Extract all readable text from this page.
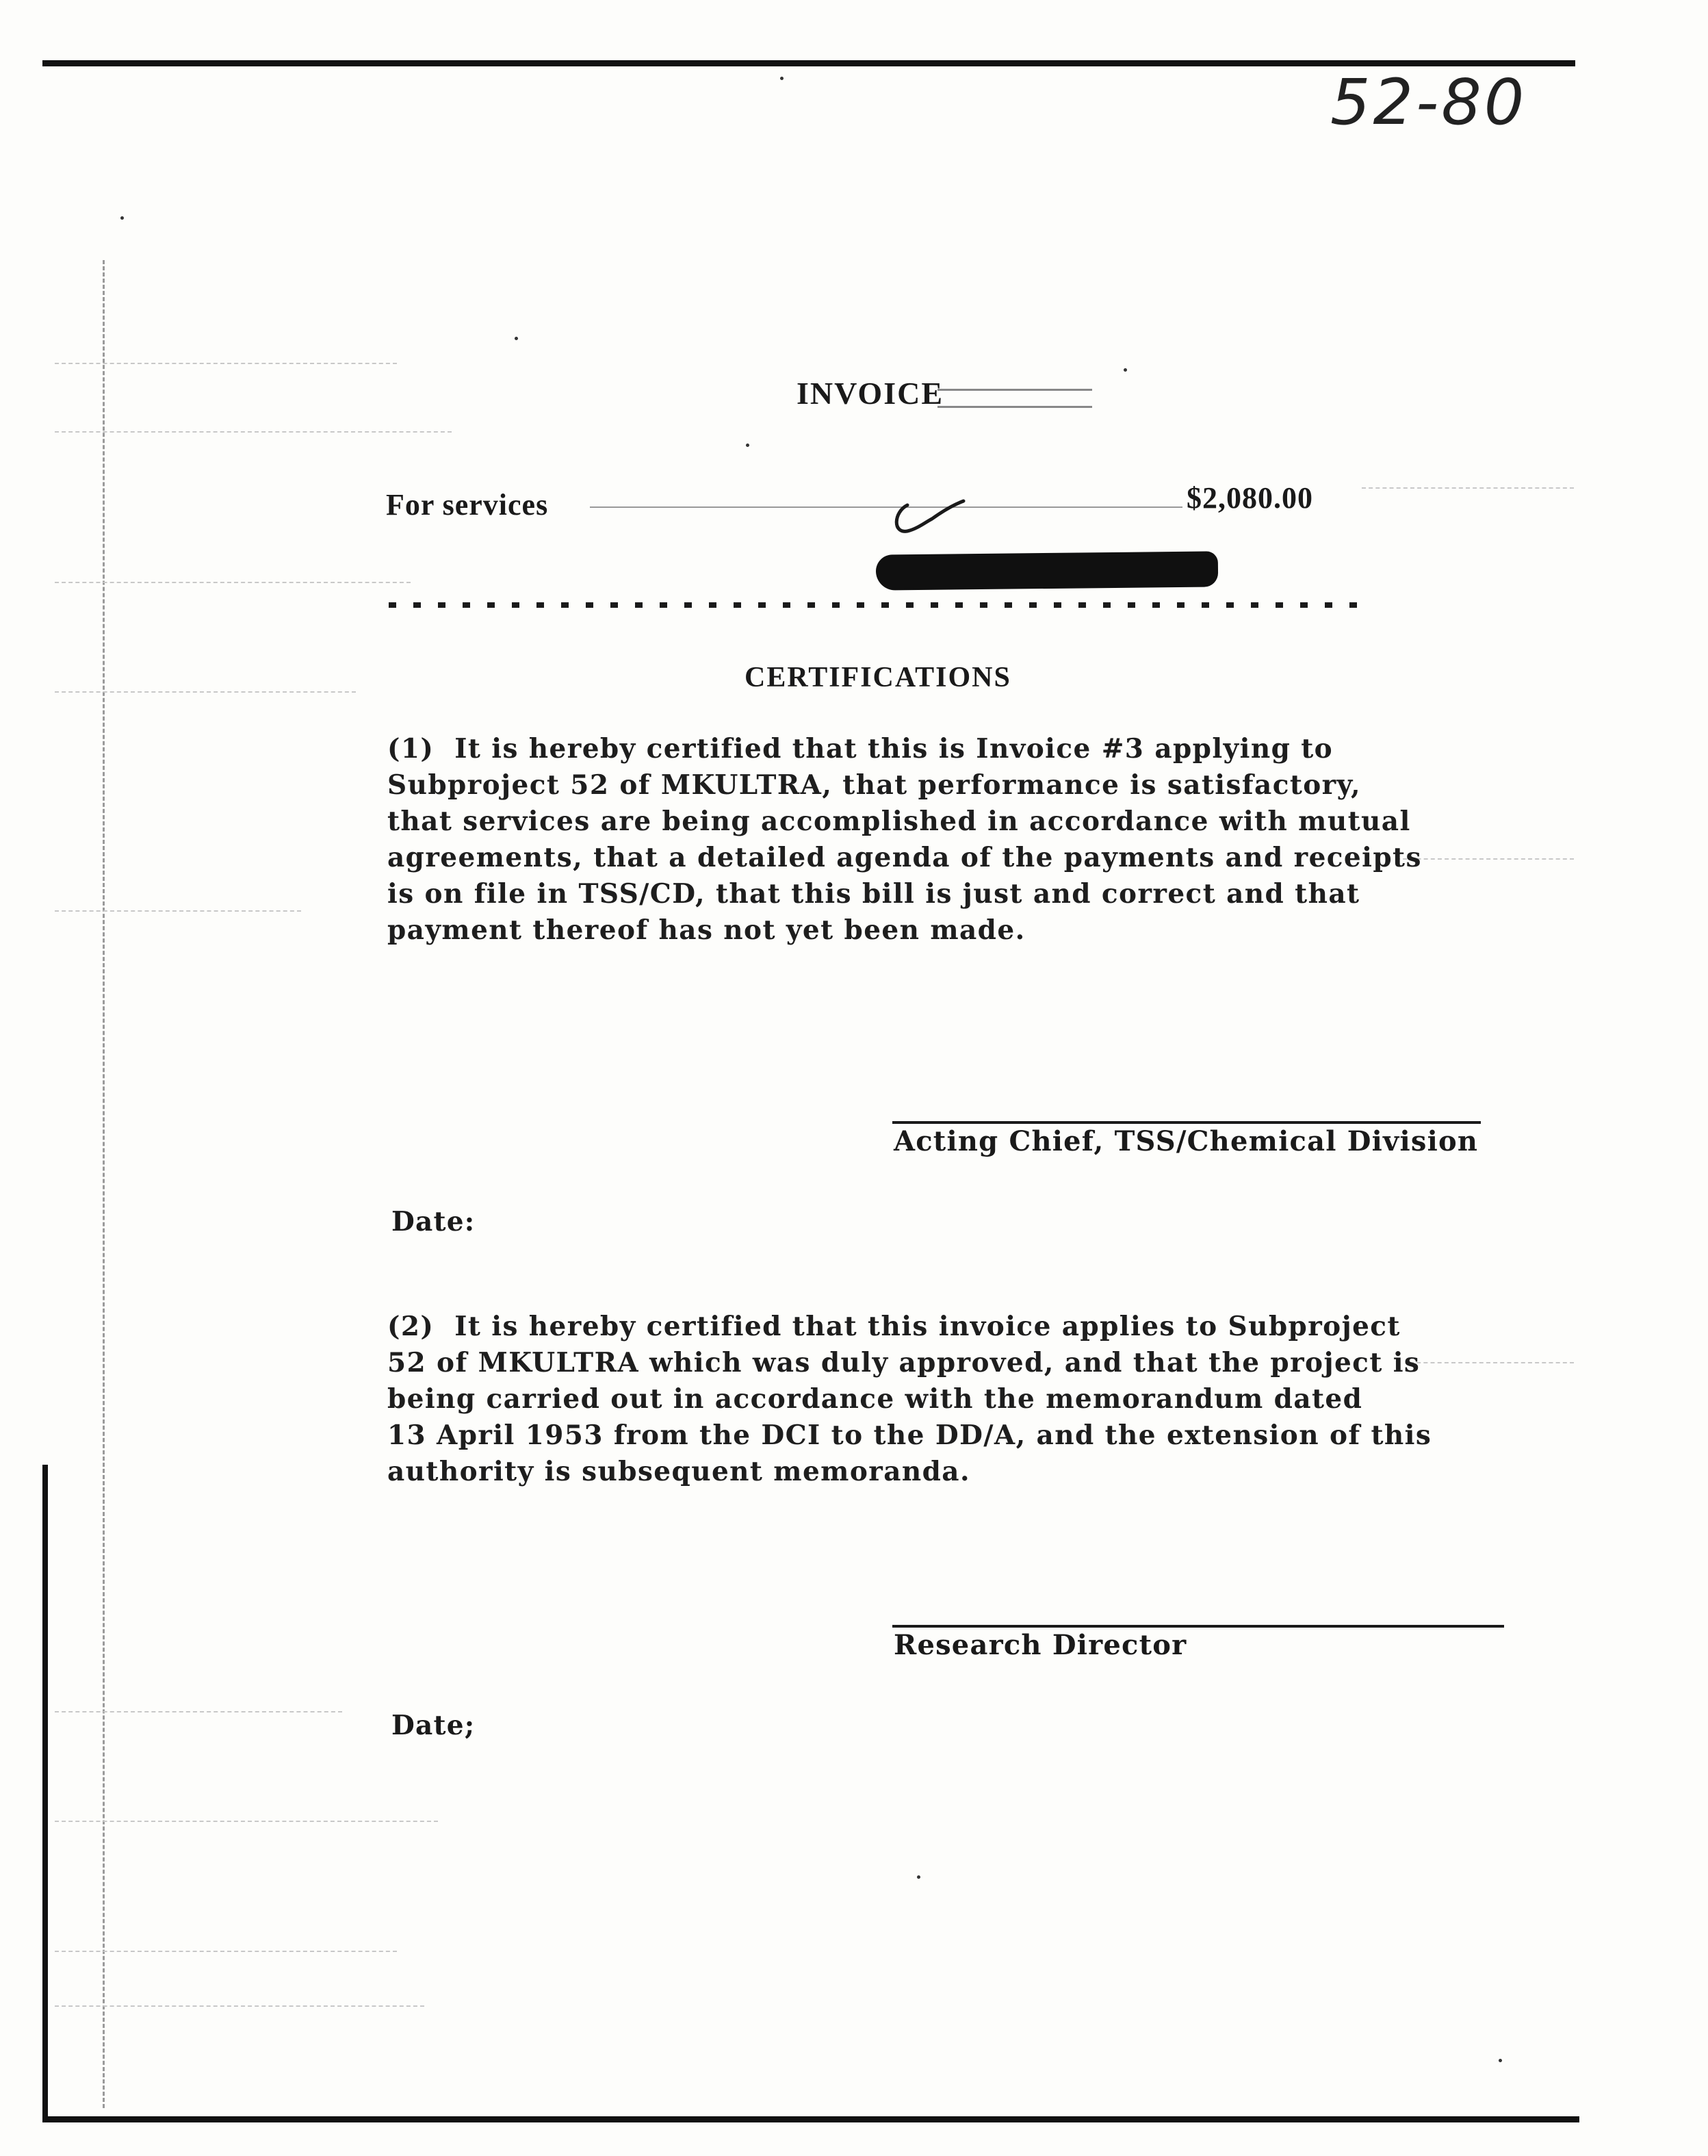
52-80
INVOICE
For services	$2,080.00
CERTIFICATIONS
(1)  It is hereby certified that this is Invoice #3 applying to
Subproject 52 of MKULTRA, that performance is satisfactory,
that services are being accomplished in accordance with mutual
agreements, that a detailed agenda of the payments and receipts
is on file in TSS/CD, that this bill is just and correct and that
payment thereof has not yet been made.
Acting Chief, TSS/Chemical Division
Date:
(2)  It is hereby certified that this invoice applies to Subproject
52 of MKULTRA which was duly approved, and that the project is
being carried out in accordance with the memorandum dated
13 April 1953 from the DCI to the DD/A, and the extension of this
authority is subsequent memoranda.
Research Director
Date;
